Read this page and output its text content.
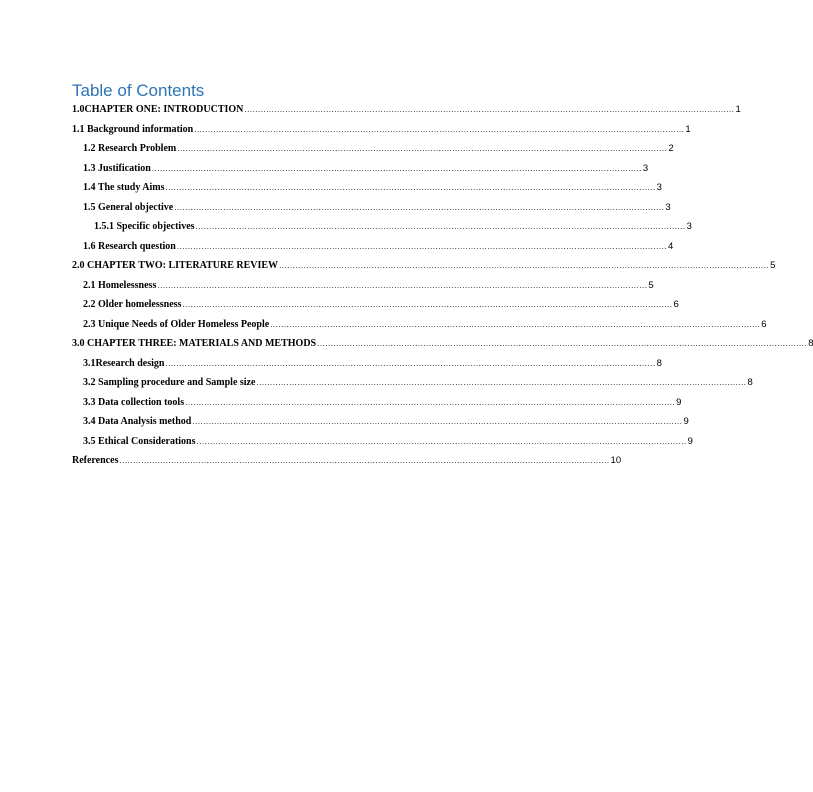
Table of Contents
1.0CHAPTER ONE: INTRODUCTION .................................................................................................................................................................................... 1
1.1 Background information .................................................................................................................................................................................... 1
1.2 Research Problem .................................................................................................................................................................................... 2
1.3 Justification .................................................................................................................................................................................... 3
1.4 The study Aims .................................................................................................................................................................................... 3
1.5 General objective .................................................................................................................................................................................... 3
1.5.1 Specific objectives .................................................................................................................................................................................... 3
1.6 Research question .................................................................................................................................................................................... 4
2.0 CHAPTER TWO: LITERATURE REVIEW .................................................................................................................................................................................... 5
2.1 Homelessness .................................................................................................................................................................................... 5
2.2 Older homelessness .................................................................................................................................................................................... 6
2.3 Unique Needs of Older Homeless People .................................................................................................................................................................................... 6
3.0 CHAPTER THREE: MATERIALS AND METHODS .................................................................................................................................................................................... 8
3.1Research design .................................................................................................................................................................................... 8
3.2 Sampling procedure and Sample size .................................................................................................................................................................................... 8
3.3 Data collection tools .................................................................................................................................................................................... 9
3.4 Data Analysis method .................................................................................................................................................................................... 9
3.5 Ethical Considerations .................................................................................................................................................................................... 9
References .................................................................................................................................................................................... 10
